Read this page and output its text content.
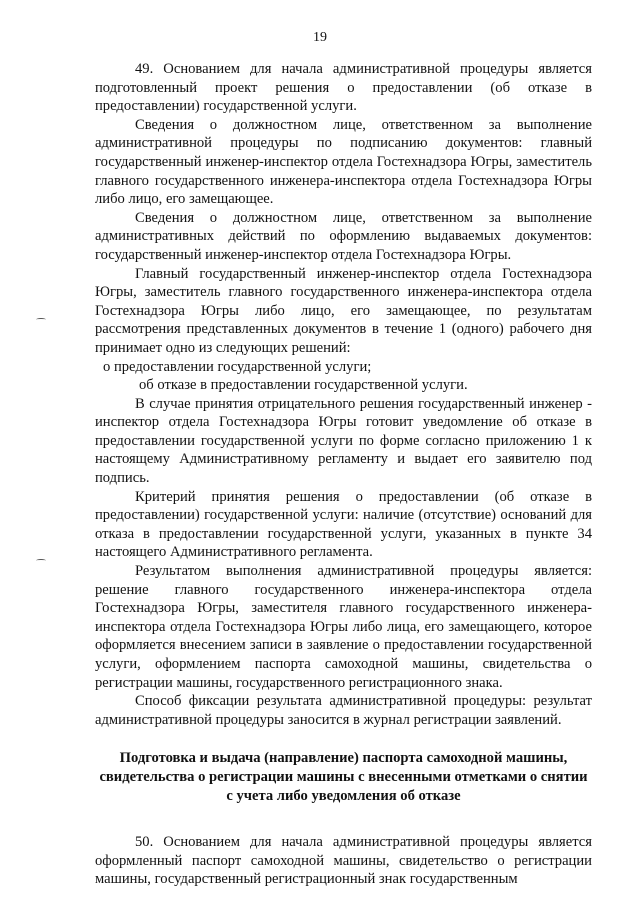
19

49. Основанием для начала административной процедуры является подготовленный проект решения о предоставлении (об отказе в предоставлении) государственной услуги.

Сведения о должностном лице, ответственном за выполнение административной процедуры по подписанию документов: главный государственный инженер-инспектор отдела Гостехнадзора Югры, заместитель главного государственного инженера-инспектора отдела Гостехнадзора Югры либо лицо, его замещающее.

Сведения о должностном лице, ответственном за выполнение административных действий по оформлению выдаваемых документов: государственный инженер-инспектор отдела Гостехнадзора Югры.

Главный государственный инженер-инспектор отдела Гостехнадзора Югры, заместитель главного государственного инженера-инспектора отдела Гостехнадзора Югры либо лицо, его замещающее, по результатам рассмотрения представленных документов в течение 1 (одного) рабочего дня принимает одно из следующих решений:

о предоставлении государственной услуги;

об отказе в предоставлении государственной услуги.

В случае принятия отрицательного решения государственный инженер - инспектор отдела Гостехнадзора Югры готовит уведомление об отказе в предоставлении государственной услуги по форме согласно приложению 1 к настоящему Административному регламенту и выдает его заявителю под подпись.

Критерий принятия решения о предоставлении (об отказе в предоставлении) государственной услуги: наличие (отсутствие) оснований для отказа в предоставлении государственной услуги, указанных в пункте 34 настоящего Административного регламента.

Результатом выполнения административной процедуры является: решение главного государственного инженера-инспектора отдела Гостехнадзора Югры, заместителя главного государственного инженера-инспектора отдела Гостехнадзора Югры либо лица, его замещающего, которое оформляется внесением записи в заявление о предоставлении государственной услуги, оформлением паспорта самоходной машины, свидетельства о регистрации машины, государственного регистрационного знака.

Способ фиксации результата административной процедуры: результат административной процедуры заносится в журнал регистрации заявлений.

Подготовка и выдача (направление) паспорта самоходной машины, свидетельства о регистрации машины с внесенными отметками о снятии с учета либо уведомления об отказе

50. Основанием для начала административной процедуры является оформленный паспорт самоходной машины, свидетельство о регистрации машины, государственный регистрационный знак государственным
